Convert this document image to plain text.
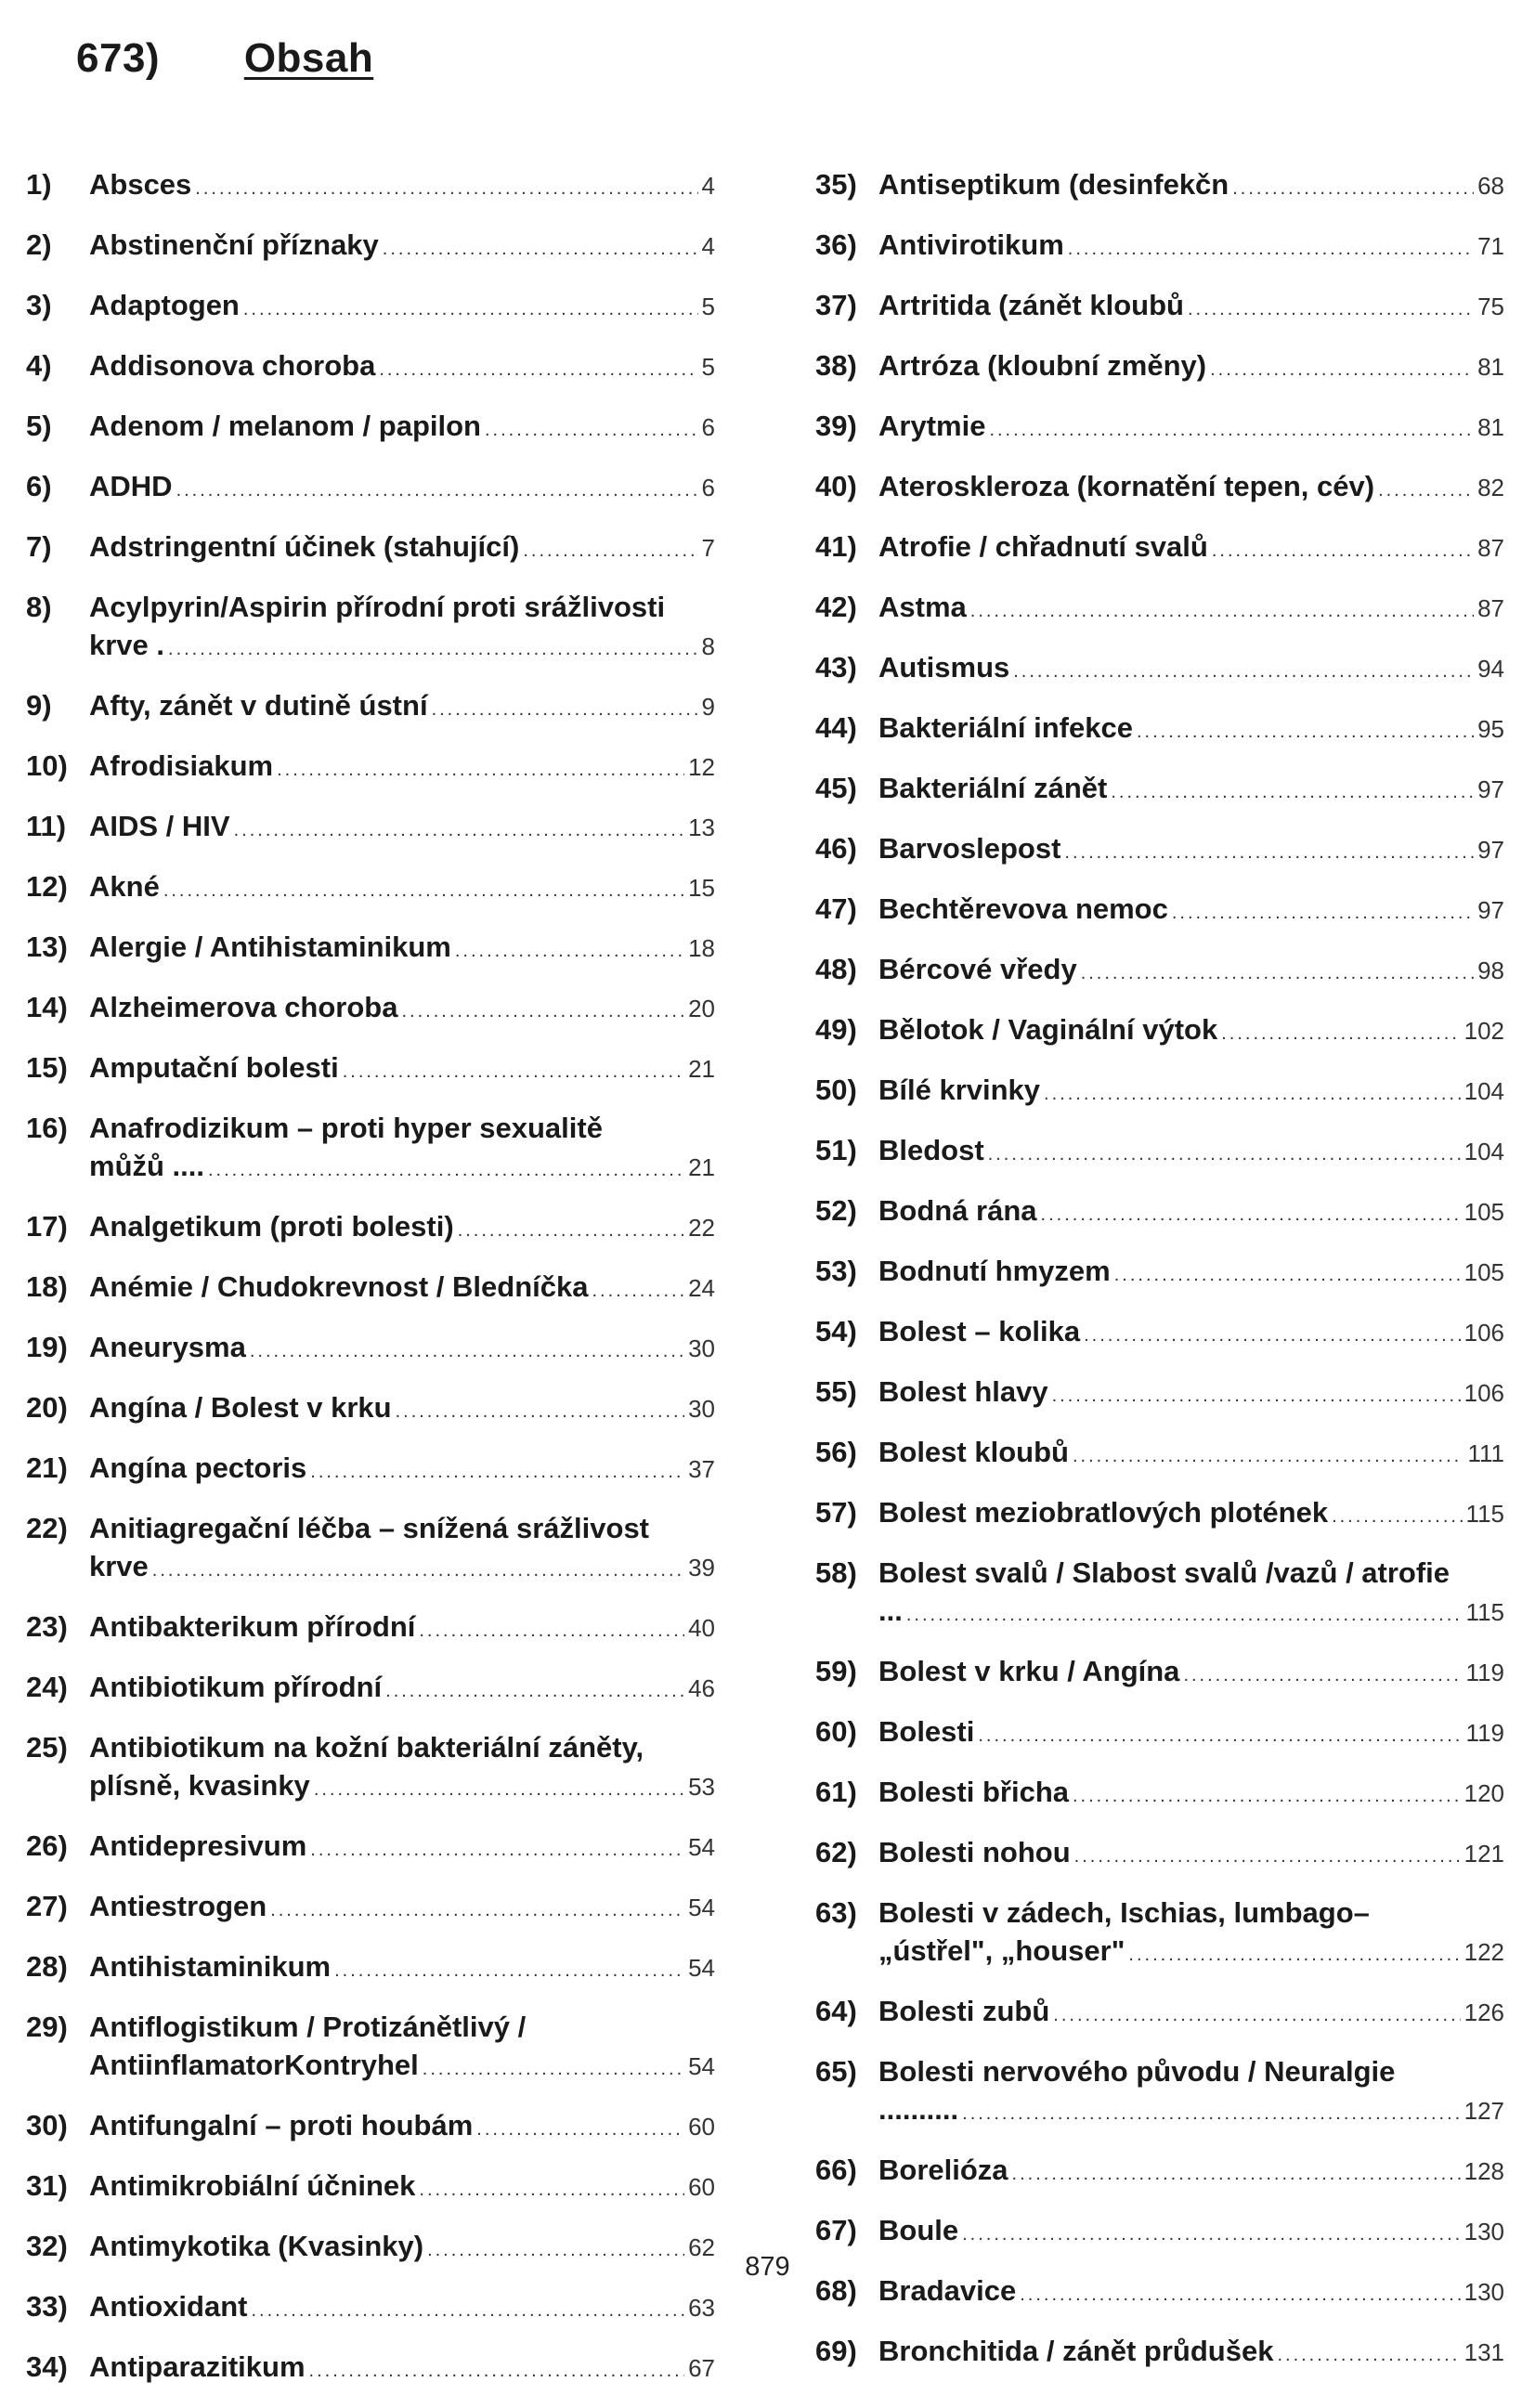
673) Obsah
1)	Absces .....	4
2)	Abstinenční příznaky .....	4
3)	Adaptogen .....	5
4)	Addisonova choroba .....	5
5)	Adenom / melanom / papilon .....	6
6)	ADHD .....	6
7)	Adstringentní účinek (stahující) .....	7
8)	Acylpyrin/Aspirin přírodní proti srážlivosti
krve . .....	8
9)	Afty, zánět v dutině ústní .....	9
10) Afrodisiakum .....	12
11) AIDS / HIV .....	13
12) Akné .....	15
13) Alergie / Antihistaminikum .....	18
14) Alzheimerova choroba .....	20
15) Amputační bolesti .....	21
16) Anafrodizikum – proti hyper sexualitě
můžů .... .....	21
17) Analgetikum (proti bolesti) .....	22
18) Anémie / Chudokrevnost / Bledníčka .....	24
19) Aneurysma .....	30
20) Angína / Bolest v krku .....	30
21) Angína pectoris .....	37
22) Anitiagregační léčba – snížená srážlivost
krve .....	39
23) Antibakterikum přírodní .....	40
24) Antibiotikum přírodní .....	46
25) Antibiotikum na kožní bakteriální záněty,
plísně, kvasinky .....	53
26) Antidepresivum .....	54
27) Antiestrogen .....	54
28) Antihistaminikum .....	54
29) Antiflogistikum / Protizánětlivý /
AntiinflamatorKontryhel .....	54
30) Antifungalní – proti houbám .....	60
31) Antimikrobiální účninek .....	60
32) Antimykotika (Kvasinky) .....	62
33) Antioxidant .....	63
34) Antiparazitikum .....	67
35) Antiseptikum (desinfekčn .....	68
36) Antivirotikum .....	71
37) Artritida (zánět kloubů .....	75
38) Artróza (kloubní změny) .....	81
39) Arytmie .....	81
40) Ateroskleroza (kornatění tepen, cév) .....	82
41) Atrofie / chřadnutí svalů .....	87
42) Astma .....	87
43) Autismus .....	94
44) Bakteriální infekce .....	95
45) Bakteriální zánět .....	97
46) Barvoslepost .....	97
47) Bechtěrevova nemoc .....	97
48) Bércové vředy .....	98
49) Bělotok / Vaginální výtok .....	102
50) Bílé krvinky .....	104
51) Bledost .....	104
52) Bodná rána .....	105
53) Bodnutí hmyzem .....	105
54) Bolest – kolika .....	106
55) Bolest hlavy .....	106
56) Bolest kloubů .....	111
57) Bolest meziobratlových plotének .....	115
58) Bolest svalů / Slabost svalů /vazů / atrofie
... .....	115
59) Bolest v krku / Angína .....	119
60) Bolesti .....	119
61) Bolesti břicha .....	120
62) Bolesti nohou .....	121
63) Bolesti v zádech, Ischias, lumbago–
„ústřel", „houser" .....	122
64) Bolesti zubů .....	126
65) Bolesti nervového původu / Neuralgie
.......... .....	127
66) Borelióza .....	128
67) Boule .....	130
68) Bradavice .....	130
69) Bronchitida / zánět průdušek .....	131
879
